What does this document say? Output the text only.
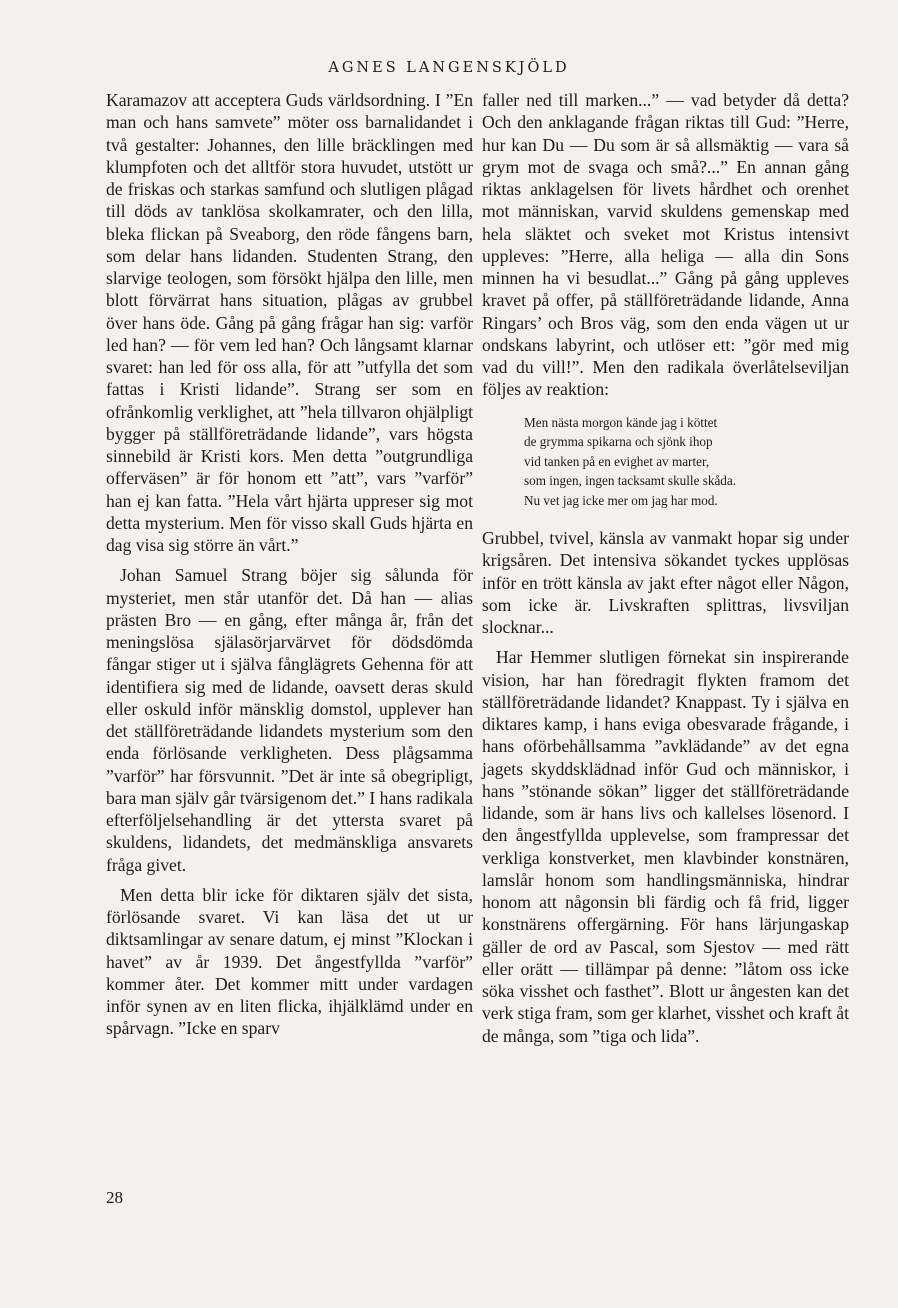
AGNES LANGENSKJÖLD

Karamazov att acceptera Guds världsordning. I ”En man och hans samvete” möter oss barnalidandet i två gestalter: Johannes, den lille bräcklingen med klumpfoten och det alltför stora huvudet, utstött ur de friskas och starkas samfund och slutligen plågad till döds av tanklösa skolkamrater, och den lilla, bleka flickan på Sveaborg, den röde fångens barn, som delar hans lidanden. Studenten Strang, den slarvige teologen, som försökt hjälpa den lille, men blott förvärrat hans situation, plågas av grubbel över hans öde. Gång på gång frågar han sig: varför led han? — för vem led han? Och långsamt klarnar svaret: han led för oss alla, för att ”utfylla det som fattas i Kristi lidande”. Strang ser som en ofrånkomlig verklighet, att ”hela tillvaron ohjälpligt bygger på ställföreträdande lidande”, vars högsta sinnebild är Kristi kors. Men detta ”outgrundliga offerväsen” är för honom ett ”att”, vars ”varför” han ej kan fatta. ”Hela vårt hjärta uppreser sig mot detta mysterium. Men för visso skall Guds hjärta en dag visa sig större än vårt.”

Johan Samuel Strang böjer sig sålunda för mysteriet, men står utanför det. Då han — alias prästen Bro — en gång, efter många år, från det meningslösa själasörjarvärvet för dödsdömda fångar stiger ut i själva fånglägrets Gehenna för att identifiera sig med de lidande, oavsett deras skuld eller oskuld inför mänsklig domstol, upplever han det ställföreträdande lidandets mysterium som den enda förlösande verkligheten. Dess plågsamma ”varför” har försvunnit. ”Det är inte så obegripligt, bara man själv går tvärsigenom det.” I hans radikala efterföljelsehandling är det yttersta svaret på skuldens, lidandets, det medmänskliga ansvarets fråga givet.

Men detta blir icke för diktaren själv det sista, förlösande svaret. Vi kan läsa det ut ur diktsamlingar av senare datum, ej minst ”Klockan i havet” av år 1939. Det ångestfyllda ”varför” kommer åter. Det kommer mitt under vardagen inför synen av en liten flicka, ihjälklämd under en spårvagn. ”Icke en sparv

faller ned till marken...” — vad betyder då detta? Och den anklagande frågan riktas till Gud: ”Herre, hur kan Du — Du som är så allsmäktig — vara så grym mot de svaga och små?...” En annan gång riktas anklagelsen för livets hårdhet och orenhet mot människan, varvid skuldens gemenskap med hela släktet och sveket mot Kristus intensivt uppleves: ”Herre, alla heliga — alla din Sons minnen ha vi besudlat...” Gång på gång uppleves kravet på offer, på ställföreträdande lidande, Anna Ringars’ och Bros väg, som den enda vägen ut ur ondskans labyrint, och utlöser ett: ”gör med mig vad du vill!”. Men den radikala överlåtelseviljan följes av reaktion:

Men nästa morgon kände jag i köttet
de grymma spikarna och sjönk ihop
vid tanken på en evighet av marter,
som ingen, ingen tacksamt skulle skåda.
Nu vet jag icke mer om jag har mod.

Grubbel, tvivel, känsla av vanmakt hopar sig under krigsåren. Det intensiva sökandet tyckes upplösas inför en trött känsla av jakt efter något eller Någon, som icke är. Livskraften splittras, livsviljan slocknar...

Har Hemmer slutligen förnekat sin inspirerande vision, har han föredragit flykten framom det ställföreträdande lidandet? Knappast. Ty i själva en diktares kamp, i hans eviga obesvarade frågande, i hans oförbehållsamma ”avklädande” av det egna jagets skyddsklädnad inför Gud och människor, i hans ”stönande sökan” ligger det ställföreträdande lidande, som är hans livs och kallelses lösenord. I den ångestfyllda upplevelse, som frampressar det verkliga konstverket, men klavbinder konstnären, lamslår honom som handlingsmänniska, hindrar honom att någonsin bli färdig och få frid, ligger konstnärens offergärning. För hans lärjungaskap gäller de ord av Pascal, som Sjestov — med rätt eller orätt — tillämpar på denne: ”låtom oss icke söka visshet och fasthet”. Blott ur ångesten kan det verk stiga fram, som ger klarhet, visshet och kraft åt de många, som ”tiga och lida”.

28
